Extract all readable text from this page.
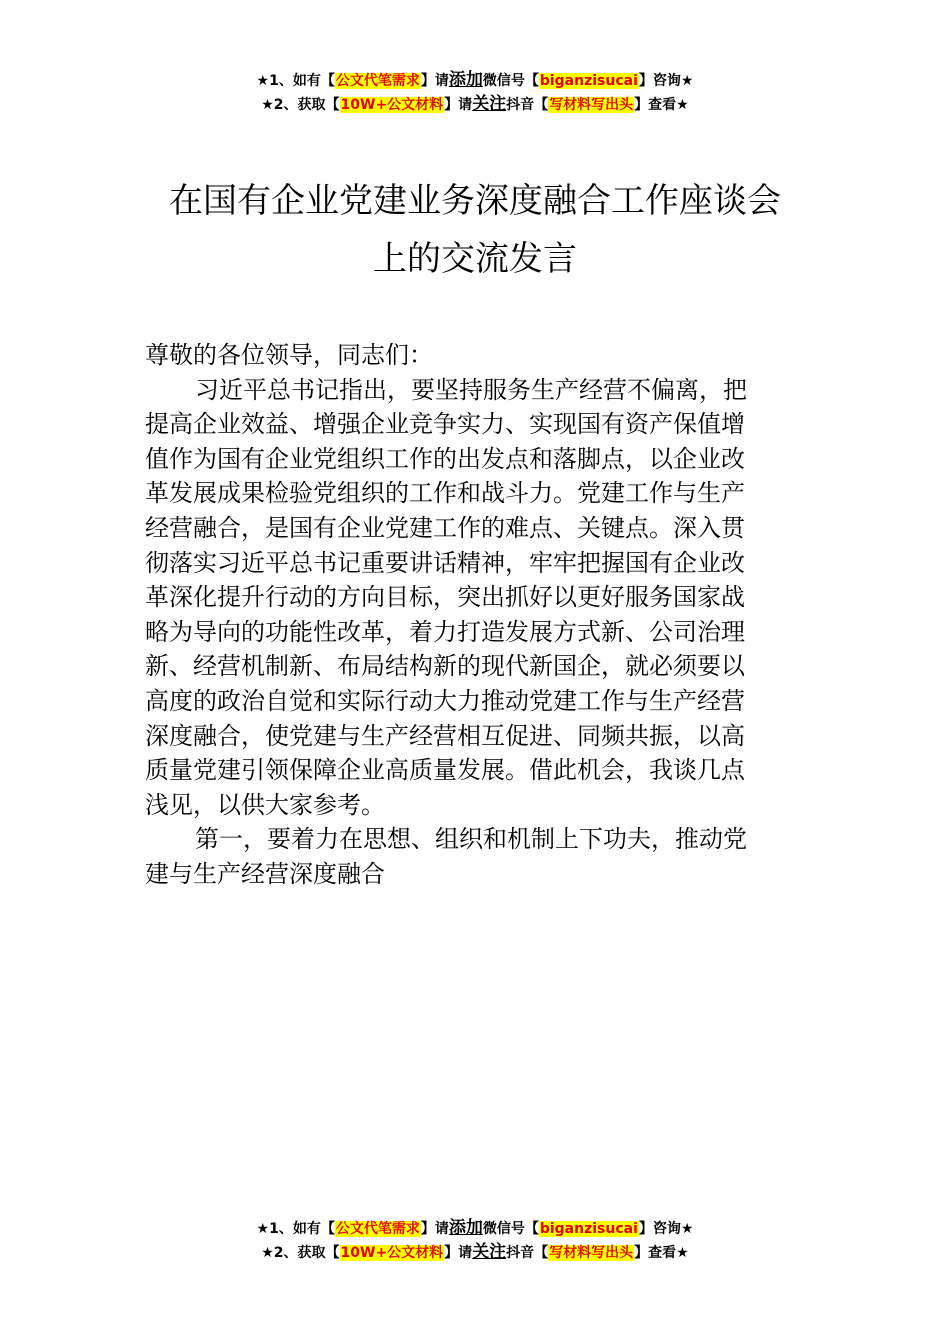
★1、如有【公文代笔需求】请添加微信号【biganzisucai】咨询★
★2、获取【10W+公文材料】请关注抖音【写材料写出头】查看★
在国有企业党建业务深度融合工作座谈会
上的交流发言

尊敬的各位领导，同志们：

习近平总书记指出，要坚持服务生产经营不偏离，把
提高企业效益、增强企业竞争实力、实现国有资产保值增
值作为国有企业党组织工作的出发点和落脚点，以企业改
革发展成果检验党组织的工作和战斗力。党建工作与生产
经营融合，是国有企业党建工作的难点、关键点。深入贯
彻落实习近平总书记重要讲话精神，牢牢把握国有企业改
革深化提升行动的方向目标，突出抓好以更好服务国家战
略为导向的功能性改革，着力打造发展方式新、公司治理
新、经营机制新、布局结构新的现代新国企，就必须要以
高度的政治自觉和实际行动大力推动党建工作与生产经营
深度融合，使党建与生产经营相互促进、同频共振，以高
质量党建引领保障企业高质量发展。借此机会，我谈几点
浅见，以供大家参考。

第一，要着力在思想、组织和机制上下功夫，推动党
建与生产经营深度融合

★1、如有【公文代笔需求】请添加微信号【biganzisucai】咨询★
★2、获取【10W+公文材料】请关注抖音【写材料写出头】查看★
